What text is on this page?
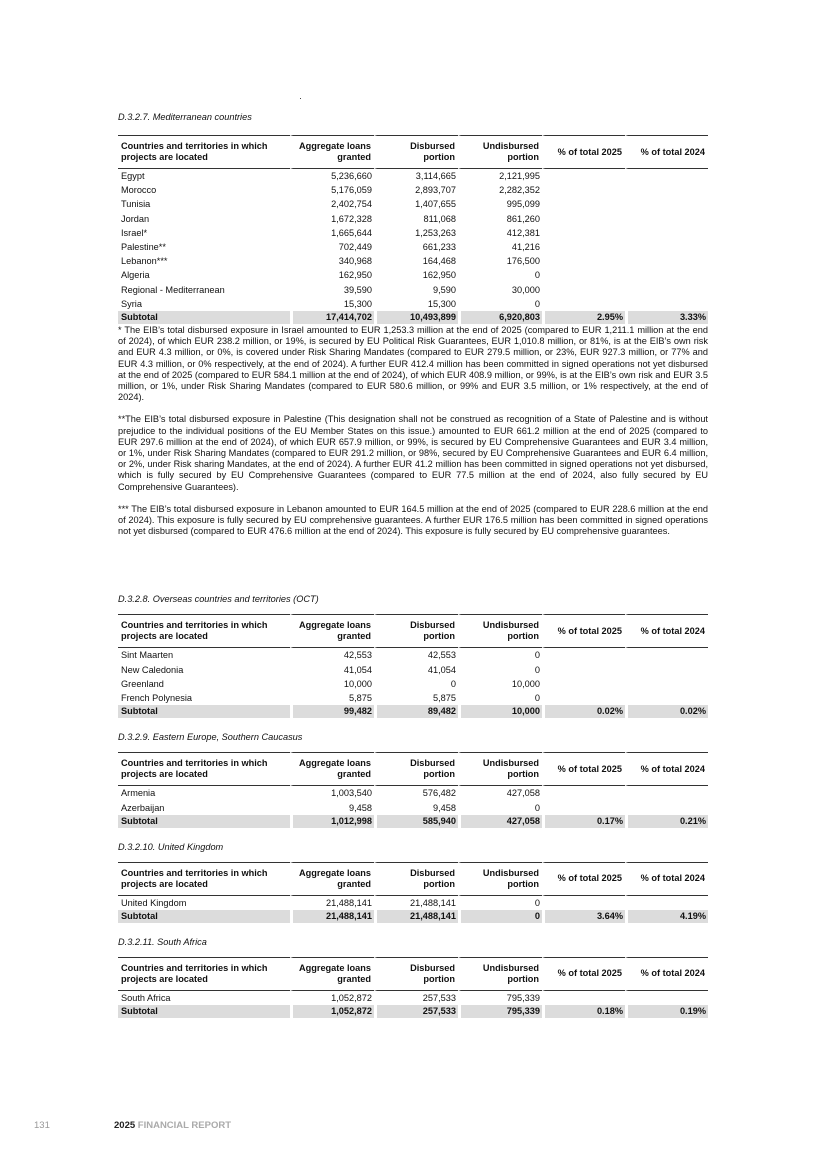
D.3.2.7. Mediterranean countries
Countries and territories in which projects are located	Aggregate loans granted	Disbursed portion	Undisbursed portion	% of total 2025	% of total 2024
Egypt	5,236,660	3,114,665	2,121,995		
Morocco	5,176,059	2,893,707	2,282,352		
Tunisia	2,402,754	1,407,655	995,099		
Jordan	1,672,328	811,068	861,260		
Israel*	1,665,644	1,253,263	412,381		
Palestine**	702,449	661,233	41,216		
Lebanon***	340,968	164,468	176,500		
Algeria	162,950	162,950	0		
Regional - Mediterranean	39,590	9,590	30,000		
Syria	15,300	15,300	0		
Subtotal	17,414,702	10,493,899	6,920,803	2.95%	3.33%

* The EIB’s total disbursed exposure in Israel amounted to EUR 1,253.3 million at the end of 2025 (compared to EUR 1,211.1 million at the end of 2024), of which EUR 238.2 million, or 19%, is secured by EU Political Risk Guarantees, EUR 1,010.8 million, or 81%, is at the EIB’s own risk and EUR 4.3 million, or 0%, is covered under Risk Sharing Mandates (compared to EUR 279.5 million, or 23%, EUR 927.3 million, or 77% and EUR 4.3 million, or 0% respectively, at the end of 2024). A further EUR 412.4 million has been committed in signed operations not yet disbursed at the end of 2025 (compared to EUR 584.1 million at the end of 2024), of which EUR 408.9 million, or 99%, is at the EIB’s own risk and EUR 3.5 million, or 1%, under Risk Sharing Mandates (compared to EUR 580.6 million, or 99% and EUR 3.5 million, or 1% respectively, at the end of 2024).

**The EIB’s total disbursed exposure in Palestine (This designation shall not be construed as recognition of a State of Palestine and is without prejudice to the individual positions of the EU Member States on this issue.) amounted to EUR 661.2 million at the end of 2025 (compared to EUR 297.6 million at the end of 2024), of which EUR 657.9 million, or 99%, is secured by EU Comprehensive Guarantees and EUR 3.4 million, or 1%, under Risk Sharing Mandates (compared to EUR 291.2 million, or 98%, secured by EU Comprehensive Guarantees and EUR 6.4 million, or 2%, under Risk sharing Mandates, at the end of 2024). A further EUR 41.2 million has been committed in signed operations not yet disbursed, which is fully secured by EU Comprehensive Guarantees (compared to EUR 77.5 million at the end of 2024, also fully secured by EU Comprehensive Guarantees).

*** The EIB’s total disbursed exposure in Lebanon amounted to EUR 164.5 million at the end of 2025 (compared to EUR 228.6 million at the end of 2024). This exposure is fully secured by EU comprehensive guarantees. A further EUR 176.5 million has been committed in signed operations not yet disbursed (compared to EUR 476.6 million at the end of 2024). This exposure is fully secured by EU comprehensive guarantees.

D.3.2.8. Overseas countries and territories (OCT)
Countries and territories in which projects are located	Aggregate loans granted	Disbursed portion	Undisbursed portion	% of total 2025	% of total 2024
Sint Maarten	42,553	42,553	0		
New Caledonia	41,054	41,054	0		
Greenland	10,000	0	10,000		
French Polynesia	5,875	5,875	0		
Subtotal	99,482	89,482	10,000	0.02%	0.02%
D.3.2.9. Eastern Europe, Southern Caucasus
Countries and territories in which projects are located	Aggregate loans granted	Disbursed portion	Undisbursed portion	% of total 2025	% of total 2024
Armenia	1,003,540	576,482	427,058		
Azerbaijan	9,458	9,458	0		
Subtotal	1,012,998	585,940	427,058	0.17%	0.21%
D.3.2.10. United Kingdom
Countries and territories in which projects are located	Aggregate loans granted	Disbursed portion	Undisbursed portion	% of total 2025	% of total 2024
United Kingdom	21,488,141	21,488,141	0		
Subtotal	21,488,141	21,488,141	0	3.64%	4.19%
D.3.2.11. South Africa
Countries and territories in which projects are located	Aggregate loans granted	Disbursed portion	Undisbursed portion	% of total 2025	% of total 2024
South Africa	1,052,872	257,533	795,339		
Subtotal	1,052,872	257,533	795,339	0.18%	0.19%
131	2025 FINANCIAL REPORT
